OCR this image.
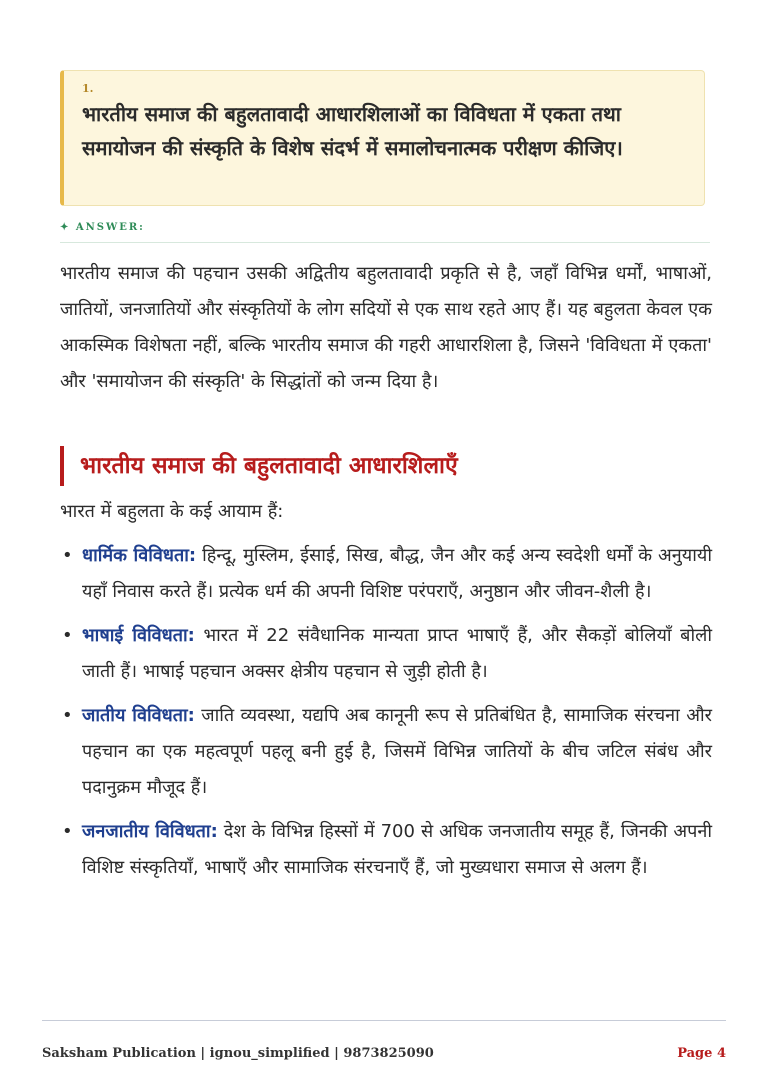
1.
भारतीय समाज की बहुलतावादी आधारशिलाओं का विविधता में एकता तथा समायोजन की संस्कृति के विशेष संदर्भ में समालोचनात्मक परीक्षण कीजिए।
✦ ANSWER:
भारतीय समाज की पहचान उसकी अद्वितीय बहुलतावादी प्रकृति से है, जहाँ विभिन्न धर्मों, भाषाओं, जातियों, जनजातियों और संस्कृतियों के लोग सदियों से एक साथ रहते आए हैं। यह बहुलता केवल एक आकस्मिक विशेषता नहीं, बल्कि भारतीय समाज की गहरी आधारशिला है, जिसने 'विविधता में एकता' और 'समायोजन की संस्कृति' के सिद्धांतों को जन्म दिया है।
भारतीय समाज की बहुलतावादी आधारशिलाएँ
भारत में बहुलता के कई आयाम हैं:
• धार्मिक विविधता: हिन्दू, मुस्लिम, ईसाई, सिख, बौद्ध, जैन और कई अन्य स्वदेशी धर्मों के अनुयायी यहाँ निवास करते हैं। प्रत्येक धर्म की अपनी विशिष्ट परंपराएँ, अनुष्ठान और जीवन-शैली है।
• भाषाई विविधता: भारत में 22 संवैधानिक मान्यता प्राप्त भाषाएँ हैं, और सैकड़ों बोलियाँ बोली जाती हैं। भाषाई पहचान अक्सर क्षेत्रीय पहचान से जुड़ी होती है।
• जातीय विविधता: जाति व्यवस्था, यद्यपि अब कानूनी रूप से प्रतिबंधित है, सामाजिक संरचना और पहचान का एक महत्वपूर्ण पहलू बनी हुई है, जिसमें विभिन्न जातियों के बीच जटिल संबंध और पदानुक्रम मौजूद हैं।
• जनजातीय विविधता: देश के विभिन्न हिस्सों में 700 से अधिक जनजातीय समूह हैं, जिनकी अपनी विशिष्ट संस्कृतियाँ, भाषाएँ और सामाजिक संरचनाएँ हैं, जो मुख्यधारा समाज से अलग हैं।
Saksham Publication | ignou_simplified | 9873825090	Page 4
